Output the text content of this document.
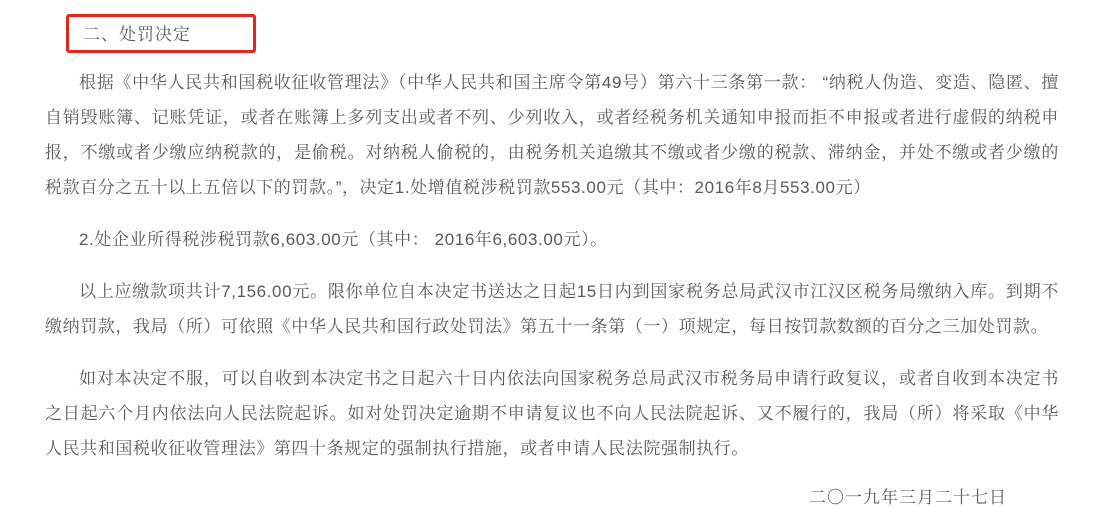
二、处罚决定

根据《中华人民共和国税收征收管理法》（中华人民共和国主席令第49号）第六十三条第一款： “纳税人伪造、变造、隐匿、擅自销毁账簿、记账凭证，或者在账簿上多列支出或者不列、少列收入，或者经税务机关通知申报而拒不申报或者进行虚假的纳税申报，不缴或者少缴应纳税款的，是偷税。对纳税人偷税的，由税务机关追缴其不缴或者少缴的税款、滞纳金，并处不缴或者少缴的税款百分之五十以上五倍以下的罚款。”，决定1.处增值税涉税罚款553.00元（其中：2016年8月553.00元）

2.处企业所得税涉税罚款6,603.00元（其中： 2016年6,603.00元）。

以上应缴款项共计7,156.00元。限你单位自本决定书送达之日起15日内到国家税务总局武汉市江汉区税务局缴纳入库。到期不缴纳罚款，我局（所）可依照《中华人民共和国行政处罚法》第五十一条第（一）项规定，每日按罚款数额的百分之三加处罚款。

如对本决定不服，可以自收到本决定书之日起六十日内依法向国家税务总局武汉市税务局申请行政复议，或者自收到本决定书之日起六个月内依法向人民法院起诉。如对处罚决定逾期不申请复议也不向人民法院起诉、又不履行的，我局（所）将采取《中华人民共和国税收征收管理法》第四十条规定的强制执行措施，或者申请人民法院强制执行。

二〇一九年三月二十七日
